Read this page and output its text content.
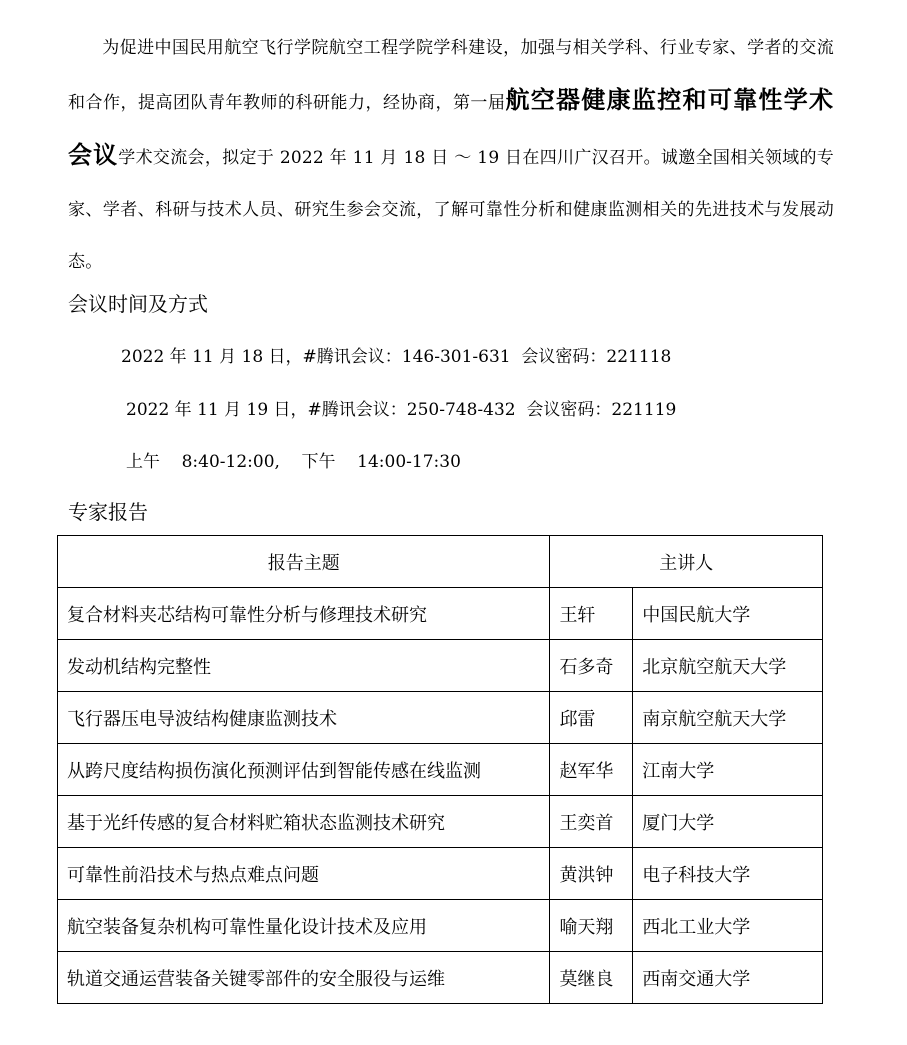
为促进中国民用航空飞行学院航空工程学院学科建设，加强与相关学科、行业专家、学者的交流和合作，提高团队青年教师的科研能力，经协商，第一届航空器健康监控和可靠性学术会议学术交流会，拟定于 2022 年 11 月 18 日 ～ 19 日在四川广汉召开。诚邀全国相关领域的专家、学者、科研与技术人员、研究生参会交流，了解可靠性分析和健康监测相关的先进技术与发展动态。

会议时间及方式

2022 年 11 月 18 日，#腾讯会议：146-301-631  会议密码：221118

2022 年 11 月 19 日，#腾讯会议：250-748-432  会议密码：221119

上午    8:40-12:00,    下午    14:00-17:30

专家报告
报告主题	主讲人	
复合材料夹芯结构可靠性分析与修理技术研究	王轩	中国民航大学
发动机结构完整性	石多奇	北京航空航天大学
飞行器压电导波结构健康监测技术	邱雷	南京航空航天大学
从跨尺度结构损伤演化预测评估到智能传感在线监测	赵军华	江南大学
基于光纤传感的复合材料贮箱状态监测技术研究	王奕首	厦门大学
可靠性前沿技术与热点难点问题	黄洪钟	电子科技大学
航空装备复杂机构可靠性量化设计技术及应用	喻天翔	西北工业大学
轨道交通运营装备关键零部件的安全服役与运维	莫继良	西南交通大学
